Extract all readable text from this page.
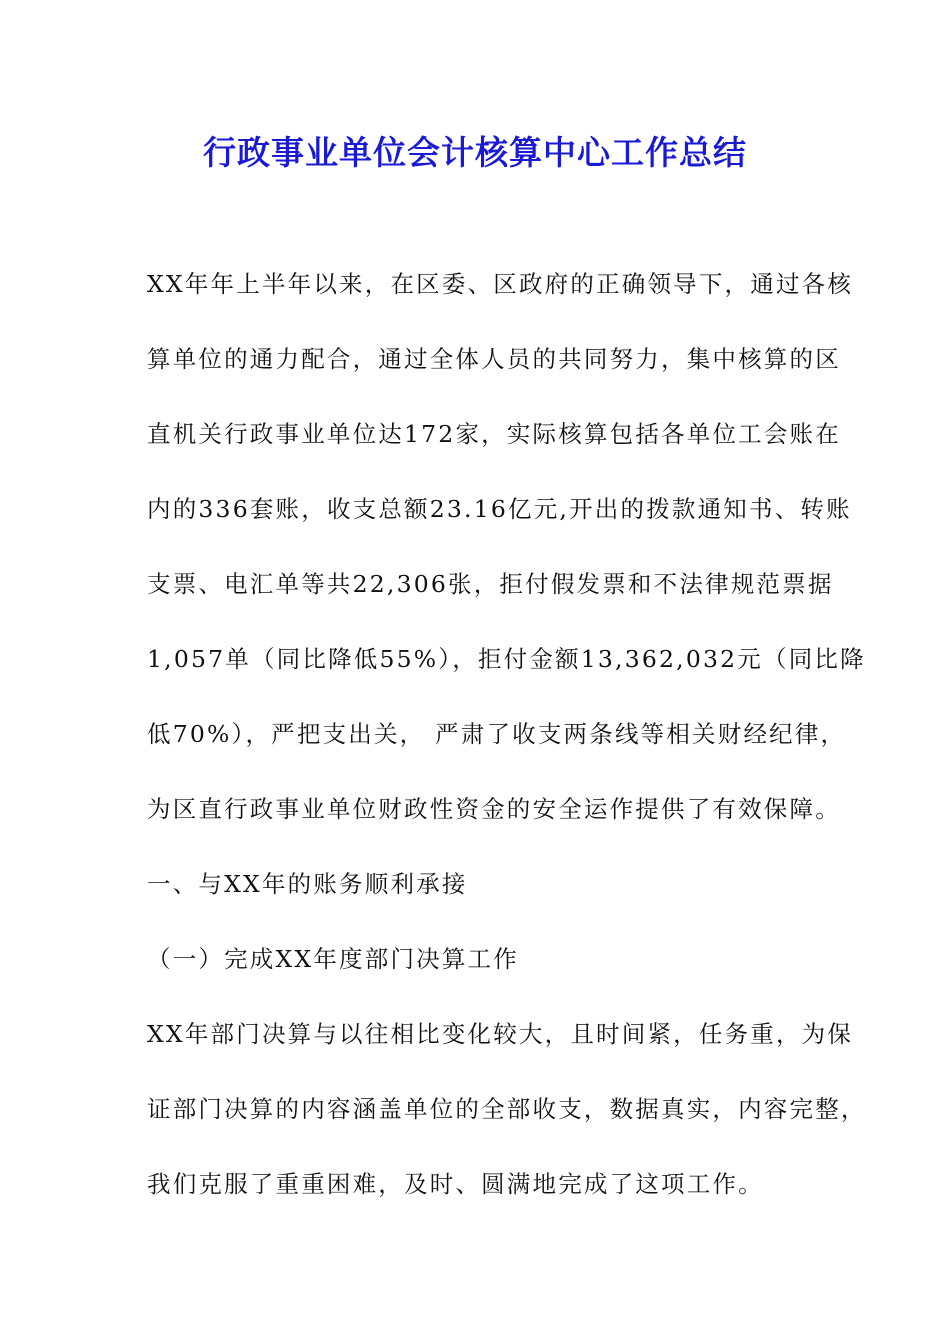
行政事业单位会计核算中心工作总结

XX年年上半年以来，在区委、区政府的正确领导下，通过各核

算单位的通力配合，通过全体人员的共同努力，集中核算的区

直机关行政事业单位达172家，实际核算包括各单位工会账在

内的336套账，收支总额23.16亿元,开出的拨款通知书、转账

支票、电汇单等共22,306张，拒付假发票和不法律规范票据

1,057单（同比降低55%），拒付金额13,362,032元（同比降

低70%），严把支出关， 严肃了收支两条线等相关财经纪律，

为区直行政事业单位财政性资金的安全运作提供了有效保障。

一、与XX年的账务顺利承接

（一）完成XX年度部门决算工作

XX年部门决算与以往相比变化较大，且时间紧，任务重，为保

证部门决算的内容涵盖单位的全部收支，数据真实，内容完整，

我们克服了重重困难，及时、圆满地完成了这项工作。
